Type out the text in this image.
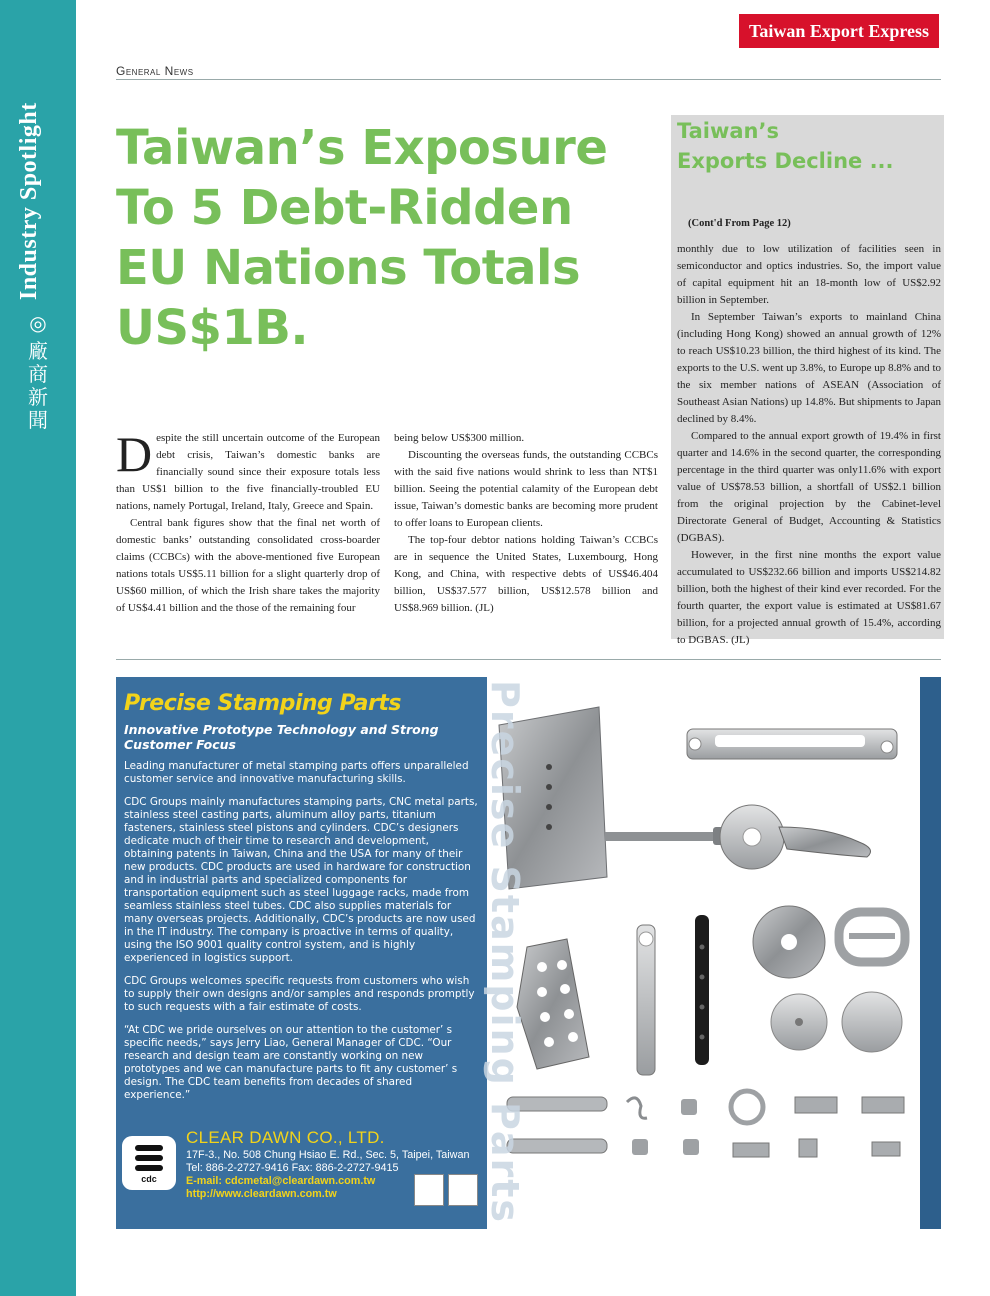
Industry Spotlight
◎
廠商新聞
Taiwan Export Express
General News
Taiwan’s Exposure To 5 Debt-Ridden EU Nations Totals US$1B.

Despite the still uncertain outcome of the European debt crisis, Taiwan’s domestic banks are financially sound since their exposure totals less than US$1 billion to the five financially-troubled EU nations, namely Portugal, Ireland, Italy, Greece and Spain.

Central bank figures show that the final net worth of domestic banks’ outstanding consolidated cross-boarder claims (CCBCs) with the above-mentioned five European nations totals US$5.11 billion for a slight quarterly drop of US$60 million, of which the Irish share takes the majority of US$4.41 billion and the those of the remaining four

being below US$300 million.

Discounting the overseas funds, the outstanding CCBCs with the said five nations would shrink to less than NT$1 billion. Seeing the potential calamity of the European debt issue, Taiwan’s domestic banks are becoming more prudent to offer loans to European clients.

The top-four debtor nations holding Taiwan’s CCBCs are in sequence the United States, Luxembourg, Hong Kong, and China, with respective debts of US$46.404 billion, US$37.577 billion, US$12.578 billion and US$8.969 billion. (JL)

Taiwan’s
Exports Decline ...
(Cont'd From Page 12)

monthly due to low utilization of facilities seen in semiconductor and optics industries. So, the import value of capital equipment hit an 18-month low of US$2.92 billion in September.

In September Taiwan’s exports to mainland China (including Hong Kong) showed an annual growth of 12% to reach US$10.23 billion, the third highest of its kind. The exports to the U.S. went up 3.8%, to Europe up 8.8% and to the six member nations of ASEAN (Association of Southeast Asian Nations) up 14.8%. But shipments to Japan declined by 8.4%.

Compared to the annual export growth of 19.4% in first quarter and 14.6% in the second quarter, the corresponding percentage in the third quarter was only11.6% with export value of US$78.53 billion, a shortfall of US$2.1 billion from the original projection by the Cabinet-level Directorate General of Budget, Accounting & Statistics (DGBAS).

However, in the first nine months the export value accumulated to US$232.66 billion and imports US$214.82 billion, both the highest of their kind ever recorded. For the fourth quarter, the export value is estimated at US$81.67 billion, for a projected annual growth of 15.4%, according to DGBAS. (JL)

Precise Stamping Parts
Innovative Prototype Technology and Strong Customer Focus

Leading manufacturer of metal stamping parts offers unparalleled customer service and innovative manufacturing skills.

CDC Groups mainly manufactures stamping parts, CNC metal parts, stainless steel casting parts, aluminum alloy parts, titanium fasteners, stainless steel pistons and cylinders. CDC’s designers dedicate much of their time to research and development, obtaining patents in Taiwan, China and the USA for many of their new products. CDC products are used in hardware for construction and in industrial parts and specialized components for transportation equipment such as steel luggage racks, made from seamless stainless steel tubes. CDC also supplies materials for many overseas projects. Additionally, CDC’s products are now used in the IT industry. The company is proactive in terms of quality, using the ISO 9001 quality control system, and is highly experienced in logistics support.

CDC Groups welcomes specific requests from customers who wish to supply their own designs and/or samples and responds promptly to such requests with a fair estimate of costs.

“At CDC we pride ourselves on our attention to the customer’ s specific needs,” says Jerry Liao, General Manager of CDC. “Our research and design team are constantly working on new prototypes and we can manufacture parts to fit any customer’ s design. The CDC team benefits from decades of shared experience.”

cdc
CLEAR DAWN CO., LTD.
17F-3., No. 508 Chung Hsiao E. Rd., Sec. 5, Taipei, Taiwan
Tel: 886-2-2727-9416 Fax: 886-2-2727-9415
E-mail: cdcmetal@cleardawn.com.tw
http://www.cleardawn.com.tw	Precise Stamping Parts
